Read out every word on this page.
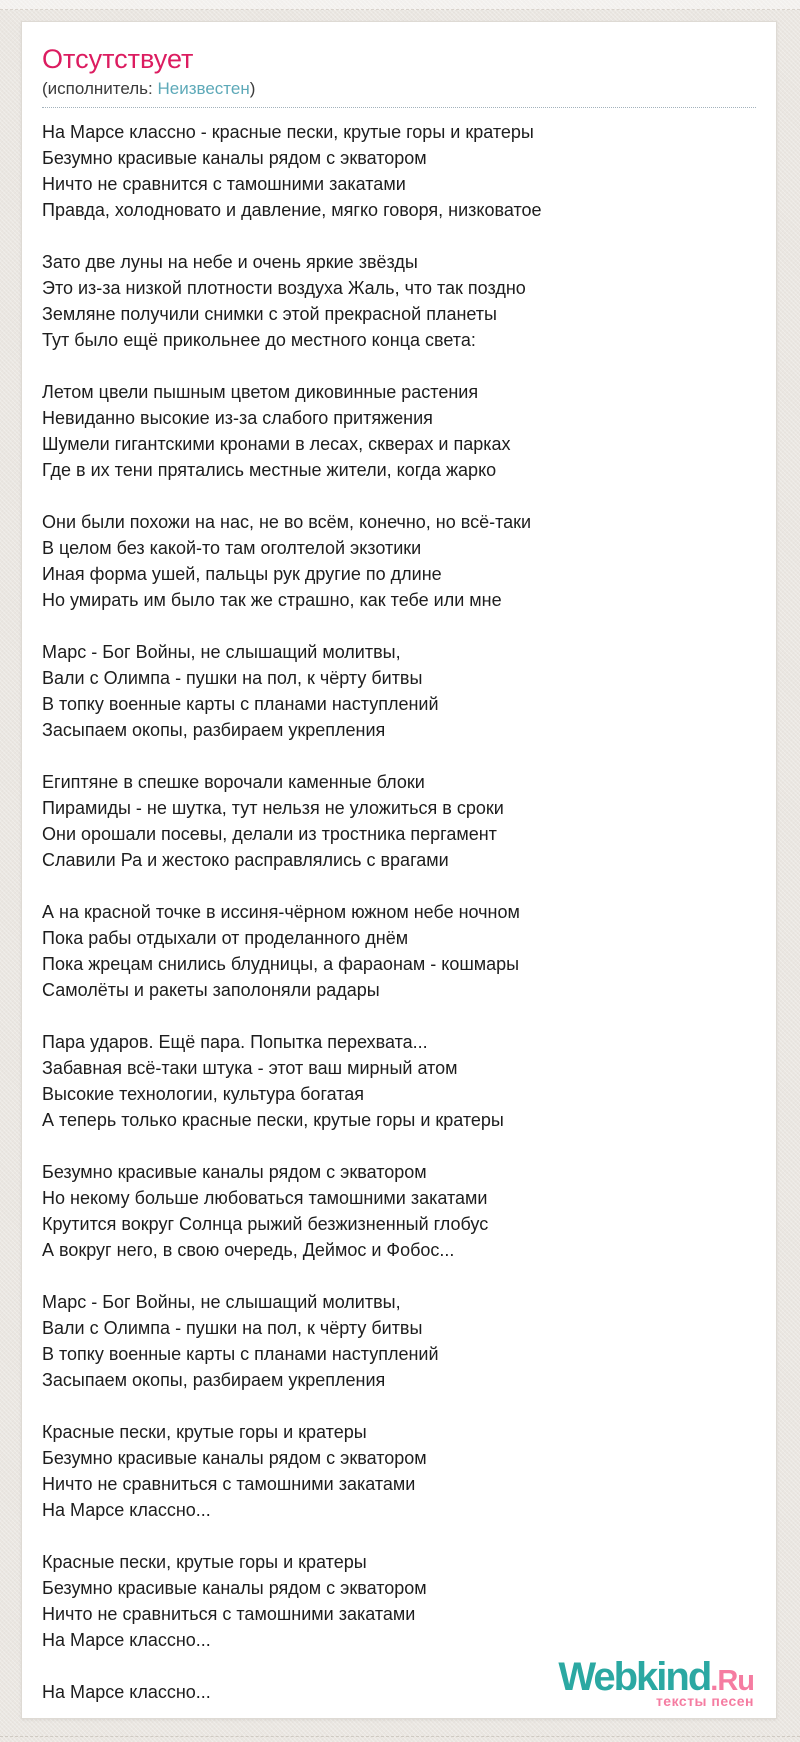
Отсутствует
(исполнитель: Неизвестен)

На Марсе классно - красные пески, крутые горы и кратеры
Безумно красивые каналы рядом с экватором
Ничто не сравнится с тамошними закатами
Правда, холодновато и давление, мягко говоря, низковатое

Зато две луны на небе и очень яркие звёзды
Это из-за низкой плотности воздуха Жаль, что так поздно
Земляне получили снимки с этой прекрасной планеты
Тут было ещё прикольнее до местного конца света:

Летом цвели пышным цветом диковинные растения
Невиданно высокие из-за слабого притяжения
Шумели гигантскими кронами в лесах, скверах и парках
Где в их тени прятались местные жители, когда жарко

Они были похожи на нас, не во всём, конечно, но всё-таки
В целом без какой-то там оголтелой экзотики
Иная форма ушей, пальцы рук другие по длине
Но умирать им было так же страшно, как тебе или мне

Марс - Бог Войны, не слышащий молитвы,
Вали с Олимпа - пушки на пол, к чёрту битвы
В топку военные карты с планами наступлений
Засыпаем окопы, разбираем укрепления

Египтяне в спешке ворочали каменные блоки
Пирамиды - не шутка, тут нельзя не уложиться в сроки
Они орошали посевы, делали из тростника пергамент
Славили Ра и жестоко расправлялись с врагами

А на красной точке в иссиня-чёрном южном небе ночном
Пока рабы отдыхали от проделанного днём
Пока жрецам снились блудницы, а фараонам - кошмары
Самолёты и ракеты заполоняли радары

Пара ударов. Ещё пара. Попытка перехвата...
Забавная всё-таки штука - этот ваш мирный атом
Высокие технологии, культура богатая
А теперь только красные пески, крутые горы и кратеры

Безумно красивые каналы рядом с экватором
Но некому больше любоваться тамошними закатами
Крутится вокруг Солнца рыжий безжизненный глобус
А вокруг него, в свою очередь, Деймос и Фобос...

Марс - Бог Войны, не слышащий молитвы,
Вали с Олимпа - пушки на пол, к чёрту битвы
В топку военные карты с планами наступлений
Засыпаем окопы, разбираем укрепления

Красные пески, крутые горы и кратеры
Безумно красивые каналы рядом с экватором
Ничто не сравниться с тамошними закатами
На Марсе классно...

Красные пески, крутые горы и кратеры
Безумно красивые каналы рядом с экватором
Ничто не сравниться с тамошними закатами
На Марсе классно...

На Марсе классно...	Webkind.Ru
тексты песен
